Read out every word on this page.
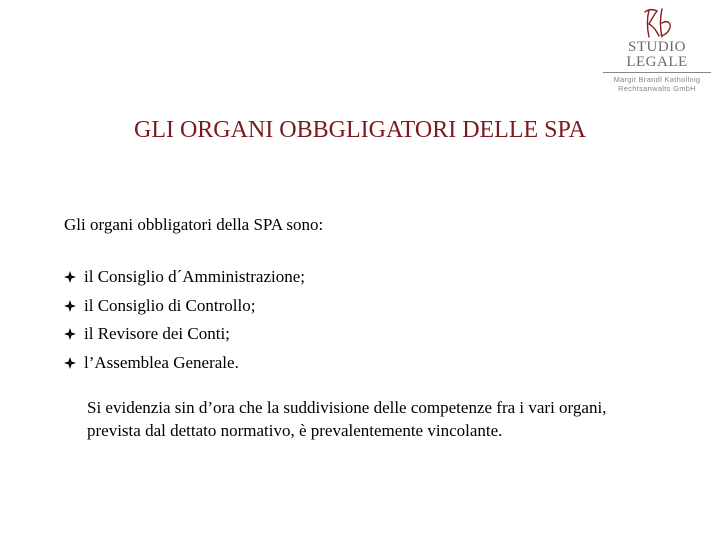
STUDIO LEGALE
Margit Brandl Kathollnig
Rechtsanwalts GmbH
GLI ORGANI OBBGLIGATORI DELLE SPA
Gli organi obbligatori della SPA sono:
il Consiglio d´Amministrazione;
il Consiglio di Controllo;
il Revisore dei Conti;
l’Assemblea Generale.
Si evidenzia sin d’ora che la suddivisione delle competenze fra i vari organi,
prevista dal dettato normativo, è prevalentemente vincolante.
